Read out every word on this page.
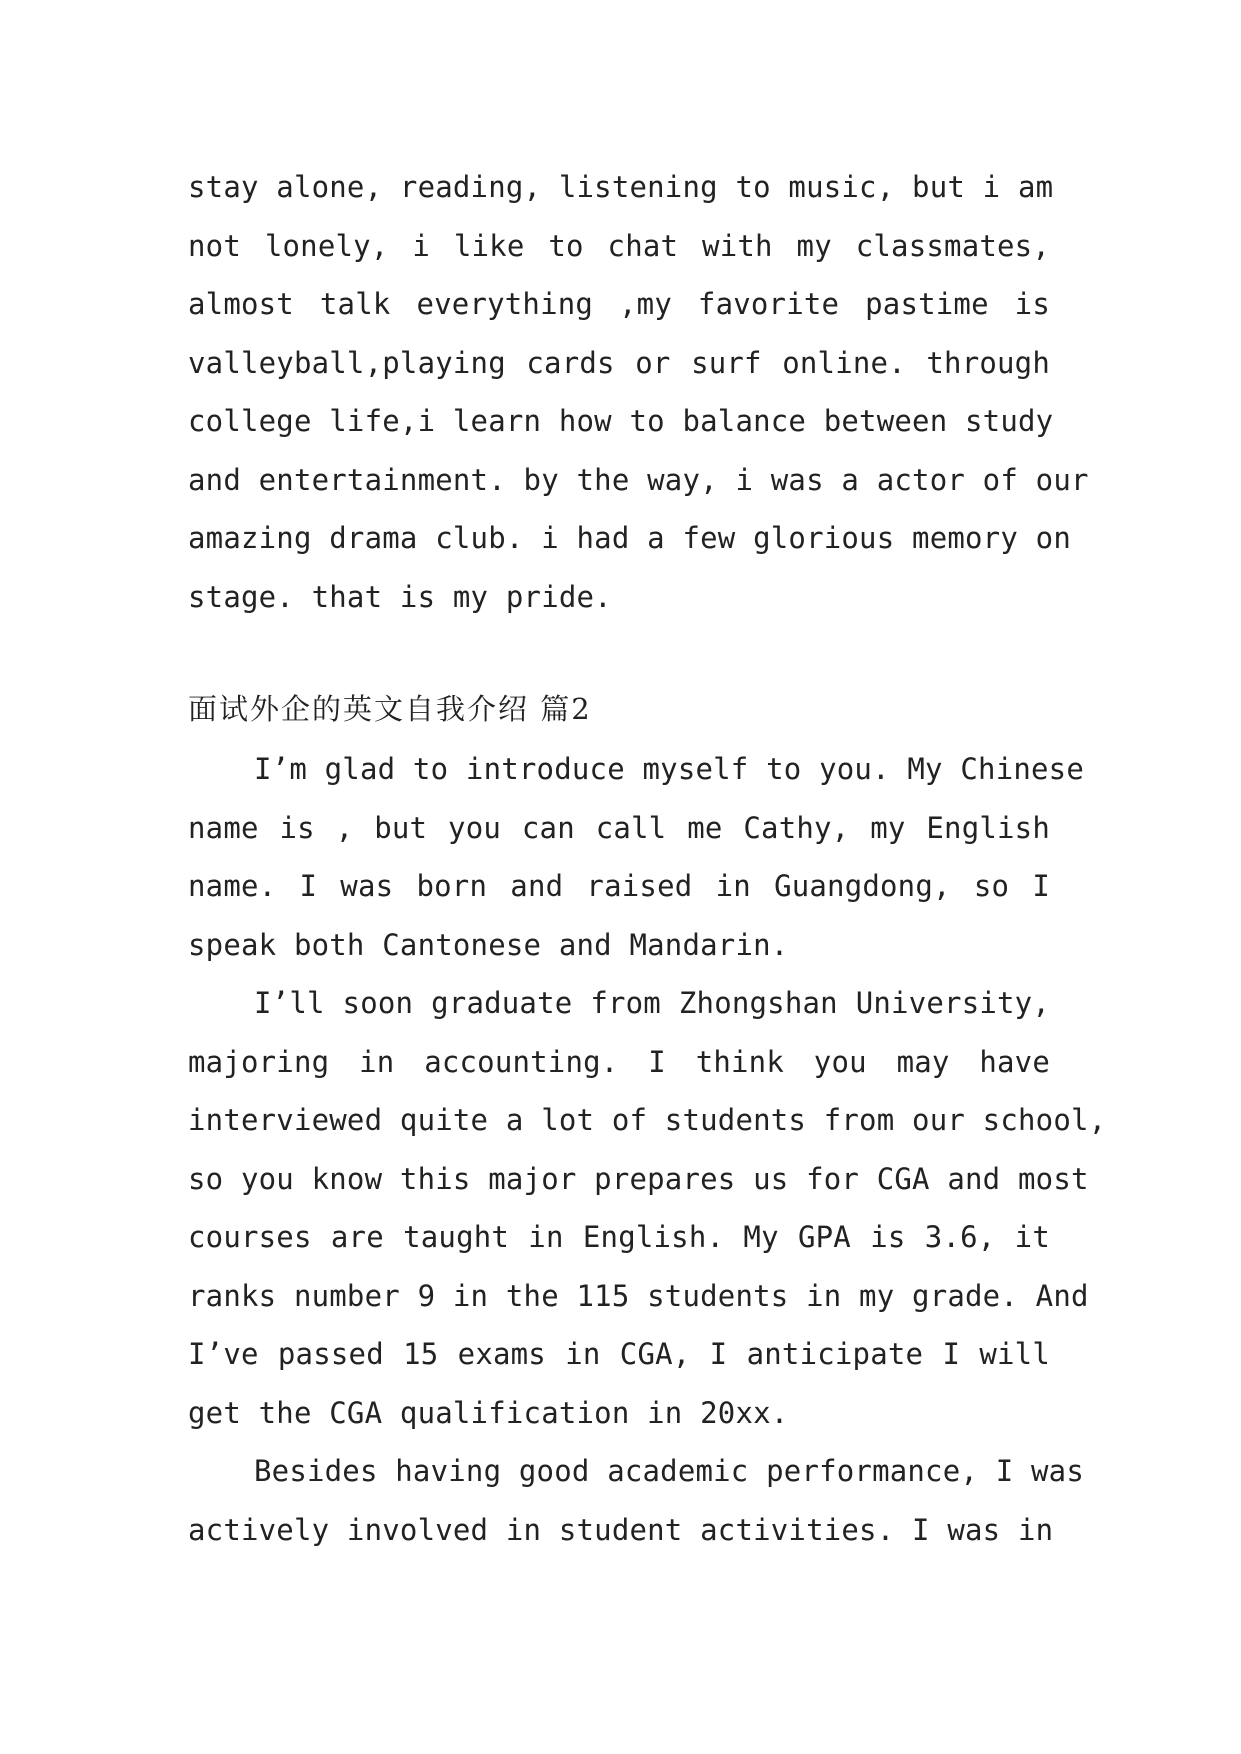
stay alone, reading, listening to music, but i am
not lonely, i like to chat with my classmates,
almost talk everything ,my favorite pastime is
valleyball,playing cards or surf online. through
college life,i learn how to balance between study
and entertainment. by the way, i was a actor of our
amazing drama club. i had a few glorious memory on
stage. that is my pride.
面试外企的英文自我介绍 篇2
I’m glad to introduce myself to you. My Chinese
name is , but you can call me Cathy, my English
name. I was born and raised in Guangdong, so I
speak both Cantonese and Mandarin.
I’ll soon graduate from Zhongshan University,
majoring in accounting. I think you may have
interviewed quite a lot of students from our school,
so you know this major prepares us for CGA and most
courses are taught in English. My GPA is 3.6, it
ranks number 9 in the 115 students in my grade. And
I’ve passed 15 exams in CGA, I anticipate I will
get the CGA qualification in 20xx.
Besides having good academic performance, I was
actively involved in student activities. I was in
